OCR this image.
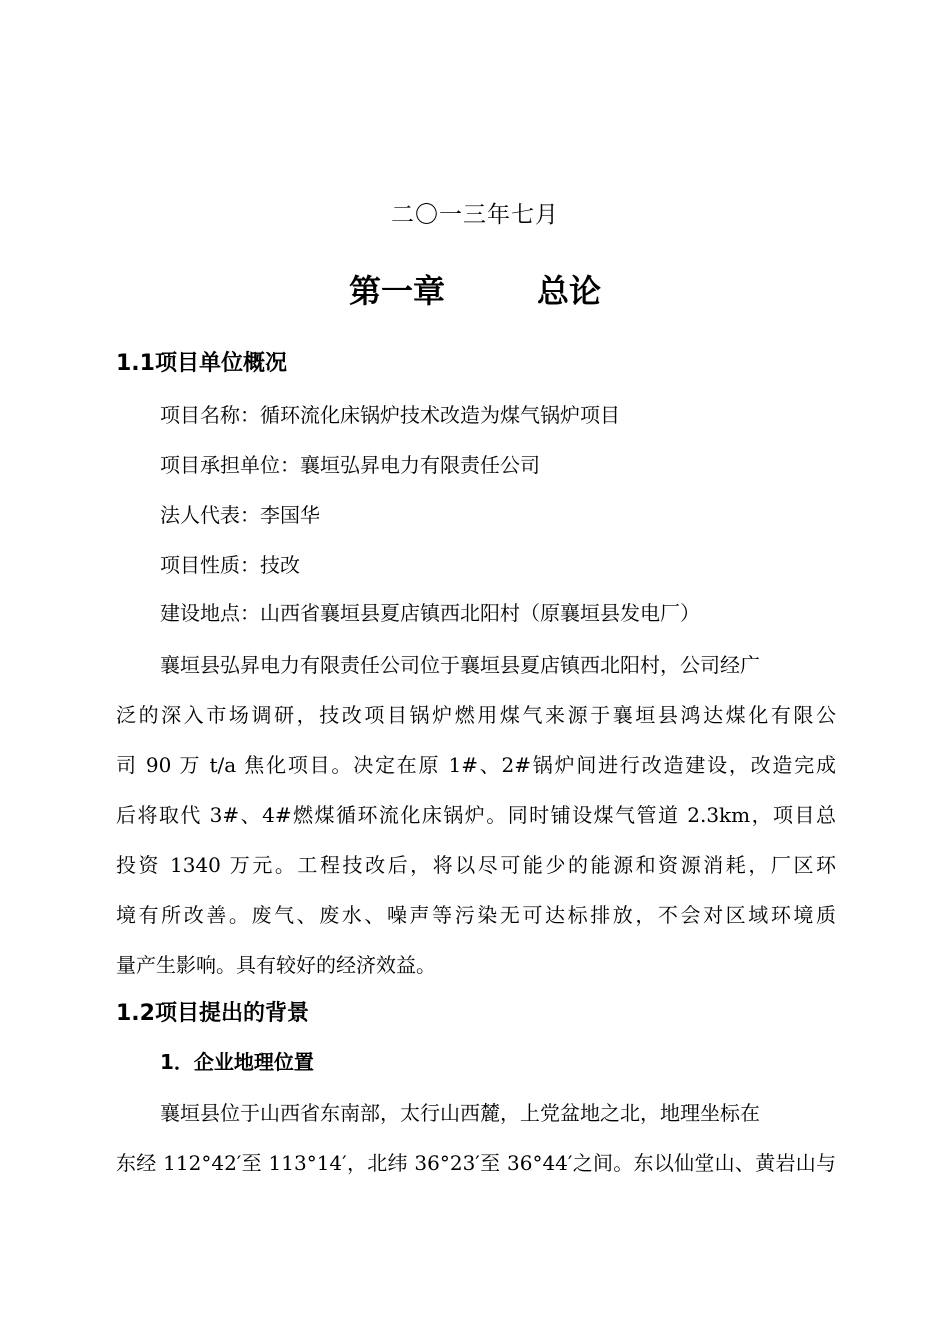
二〇一三年七月
第一章	总论
1.1项目单位概况
项目名称：循环流化床锅炉技术改造为煤气锅炉项目
项目承担单位：襄垣弘昇电力有限责任公司
法人代表：李国华
项目性质：技改
建设地点：山西省襄垣县夏店镇西北阳村（原襄垣县发电厂）
襄垣县弘昇电力有限责任公司位于襄垣县夏店镇西北阳村，公司经广
泛的深入市场调研，技改项目锅炉燃用煤气来源于襄垣县鸿达煤化有限公
司 90 万 t/a 焦化项目。决定在原 1#、2#锅炉间进行改造建设，改造完成
后将取代 3#、4#燃煤循环流化床锅炉。同时铺设煤气管道 2.3km，项目总
投资 1340 万元。工程技改后，将以尽可能少的能源和资源消耗，厂区环
境有所改善。废气、废水、噪声等污染无可达标排放，不会对区域环境质
量产生影响。具有较好的经济效益。
1.2项目提出的背景
1．企业地理位置
襄垣县位于山西省东南部，太行山西麓，上党盆地之北，地理坐标在
东经 112°42′至 113°14′，北纬 36°23′至 36°44′之间。东以仙堂山、黄岩山与
